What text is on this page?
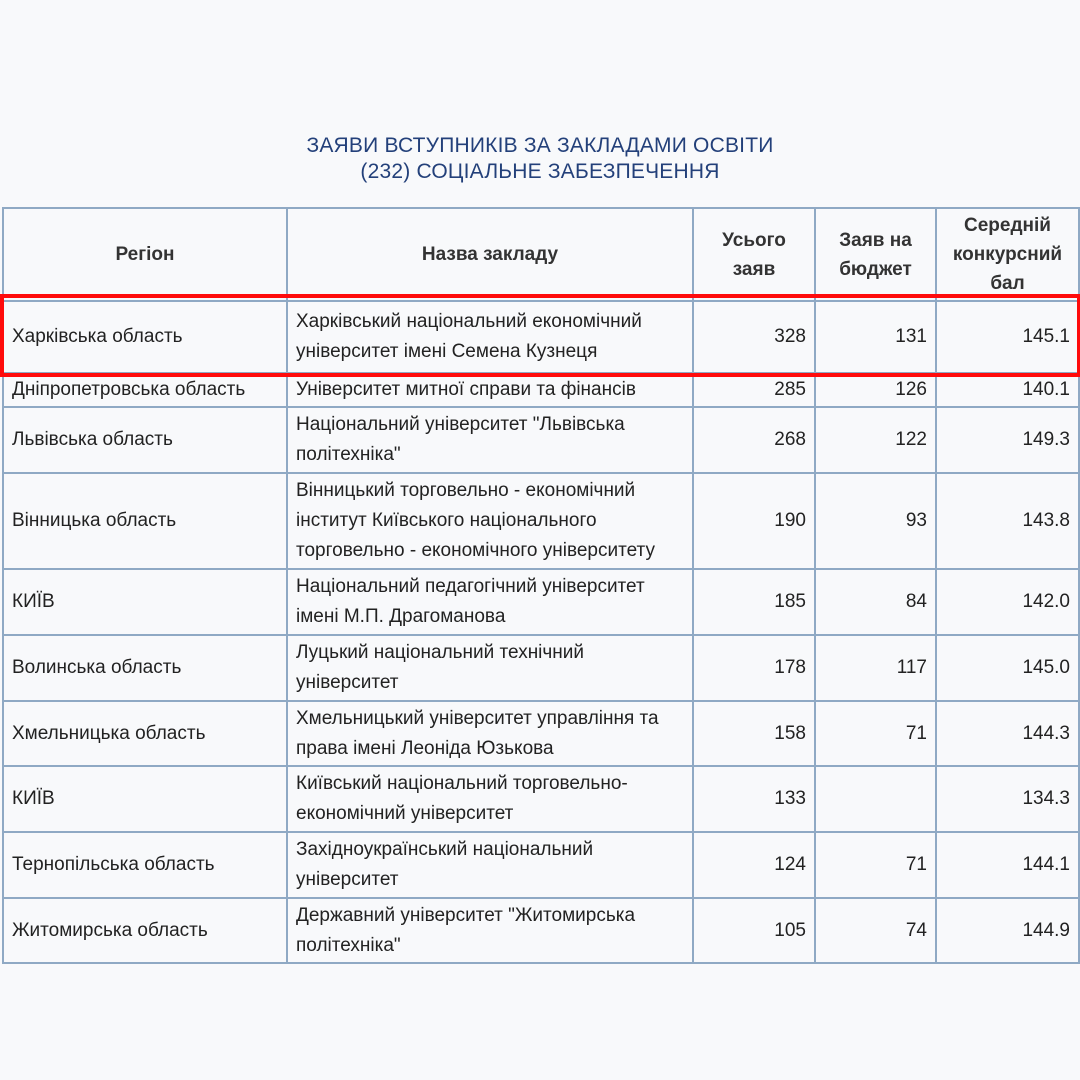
ЗАЯВИ ВСТУПНИКІВ ЗА ЗАКЛАДАМИ ОСВІТИ
(232) СОЦІАЛЬНЕ ЗАБЕЗПЕЧЕННЯ
Регіон	Назва закладу	Усього заяв	Заяв на бюджет	Середній конкурсний бал
Харківська область	Харківський національний економічний університет імені Семена Кузнеця	328	131	145.1
Дніпропетровська область	Університет митної справи та фінансів	285	126	140.1
Львівська область	Національний університет "Львівська політехніка"	268	122	149.3
Вінницька область	Вінницький торговельно - економічний інститут Київського національного торговельно - економічного університету	190	93	143.8
КИЇВ	Національний педагогічний університет імені М.П. Драгоманова	185	84	142.0
Волинська область	Луцький національний технічний університет	178	117	145.0
Хмельницька область	Хмельницький університет управління та права імені Леоніда Юзькова	158	71	144.3
КИЇВ	Київський національний торговельно-економічний університет	133		134.3
Тернопільська область	Західноукраїнський національний університет	124	71	144.1
Житомирська область	Державний університет "Житомирська політехніка"	105	74	144.9
